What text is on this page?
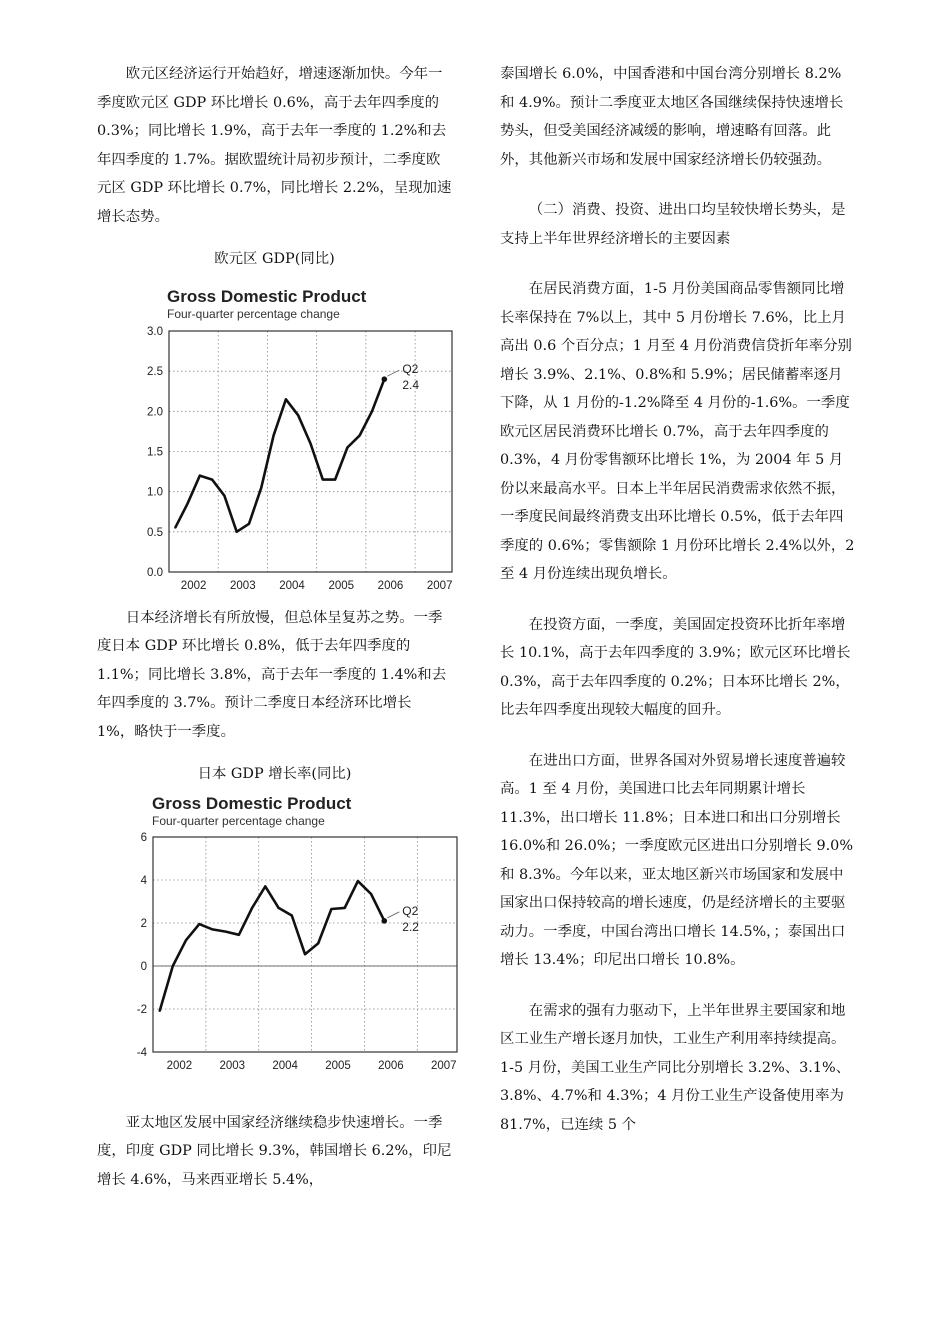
欧元区经济运行开始趋好，增速逐渐加快。今年一季度欧元区 GDP 环比增长 0.6%，高于去年四季度的 0.3%；同比增长 1.9%，高于去年一季度的 1.2%和去年四季度的 1.7%。据欧盟统计局初步预计，二季度欧元区 GDP 环比增长 0.7%，同比增长 2.2%，呈现加速增长态势。

欧元区 GDP(同比)

Gross Domestic Product
Four-quarter percentage change
0.0
0.5
1.0
1.5
2.0
2.5
3.0
2002 2003 2004 2005 2006 2007
Q2
2.4

日本经济增长有所放慢，但总体呈复苏之势。一季度日本 GDP 环比增长 0.8%，低于去年四季度的 1.1%；同比增长 3.8%，高于去年一季度的 1.4%和去年四季度的 3.7%。预计二季度日本经济环比增长 1%，略快于一季度。

日本 GDP 增长率(同比)

Gross Domestic Product
Four-quarter percentage change
-4
-2
0
2
4
6
2002 2003 2004 2005 2006 2007
Q2
2.2

亚太地区发展中国家经济继续稳步快速增长。一季度，印度 GDP 同比增长 9.3%，韩国增长 6.2%，印尼增长 4.6%，马来西亚增长 5.4%，

泰国增长 6.0%，中国香港和中国台湾分别增长 8.2%和 4.9%。预计二季度亚太地区各国继续保持快速增长势头，但受美国经济减缓的影响，增速略有回落。此外，其他新兴市场和发展中国家经济增长仍较强劲。

（二）消费、投资、进出口均呈较快增长势头，是支持上半年世界经济增长的主要因素

在居民消费方面，1-5 月份美国商品零售额同比增长率保持在 7%以上，其中 5 月份增长 7.6%，比上月高出 0.6 个百分点；1 月至 4 月份消费信贷折年率分别增长 3.9%、2.1%、0.8%和 5.9%；居民储蓄率逐月下降，从 1 月份的-1.2%降至 4 月份的-1.6%。一季度欧元区居民消费环比增长 0.7%，高于去年四季度的 0.3%，4 月份零售额环比增长 1%，为 2004 年 5 月份以来最高水平。日本上半年居民消费需求依然不振，一季度民间最终消费支出环比增长 0.5%，低于去年四季度的 0.6%；零售额除 1 月份环比增长 2.4%以外，2 至 4 月份连续出现负增长。

在投资方面，一季度，美国固定投资环比折年率增长 10.1%，高于去年四季度的 3.9%；欧元区环比增长 0.3%，高于去年四季度的 0.2%；日本环比增长 2%，比去年四季度出现较大幅度的回升。

在进出口方面，世界各国对外贸易增长速度普遍较高。1 至 4 月份，美国进口比去年同期累计增长 11.3%，出口增长 11.8%；日本进口和出口分别增长 16.0%和 26.0%；一季度欧元区进出口分别增长 9.0%和 8.3%。今年以来，亚太地区新兴市场国家和发展中国家出口保持较高的增长速度，仍是经济增长的主要驱动力。一季度，中国台湾出口增长 14.5%，；泰国出口增长 13.4%；印尼出口增长 10.8%。

在需求的强有力驱动下，上半年世界主要国家和地区工业生产增长逐月加快，工业生产利用率持续提高。1-5 月份，美国工业生产同比分别增长 3.2%、3.1%、3.8%、4.7%和 4.3%；4 月份工业生产设备使用率为 81.7%，已连续 5 个
